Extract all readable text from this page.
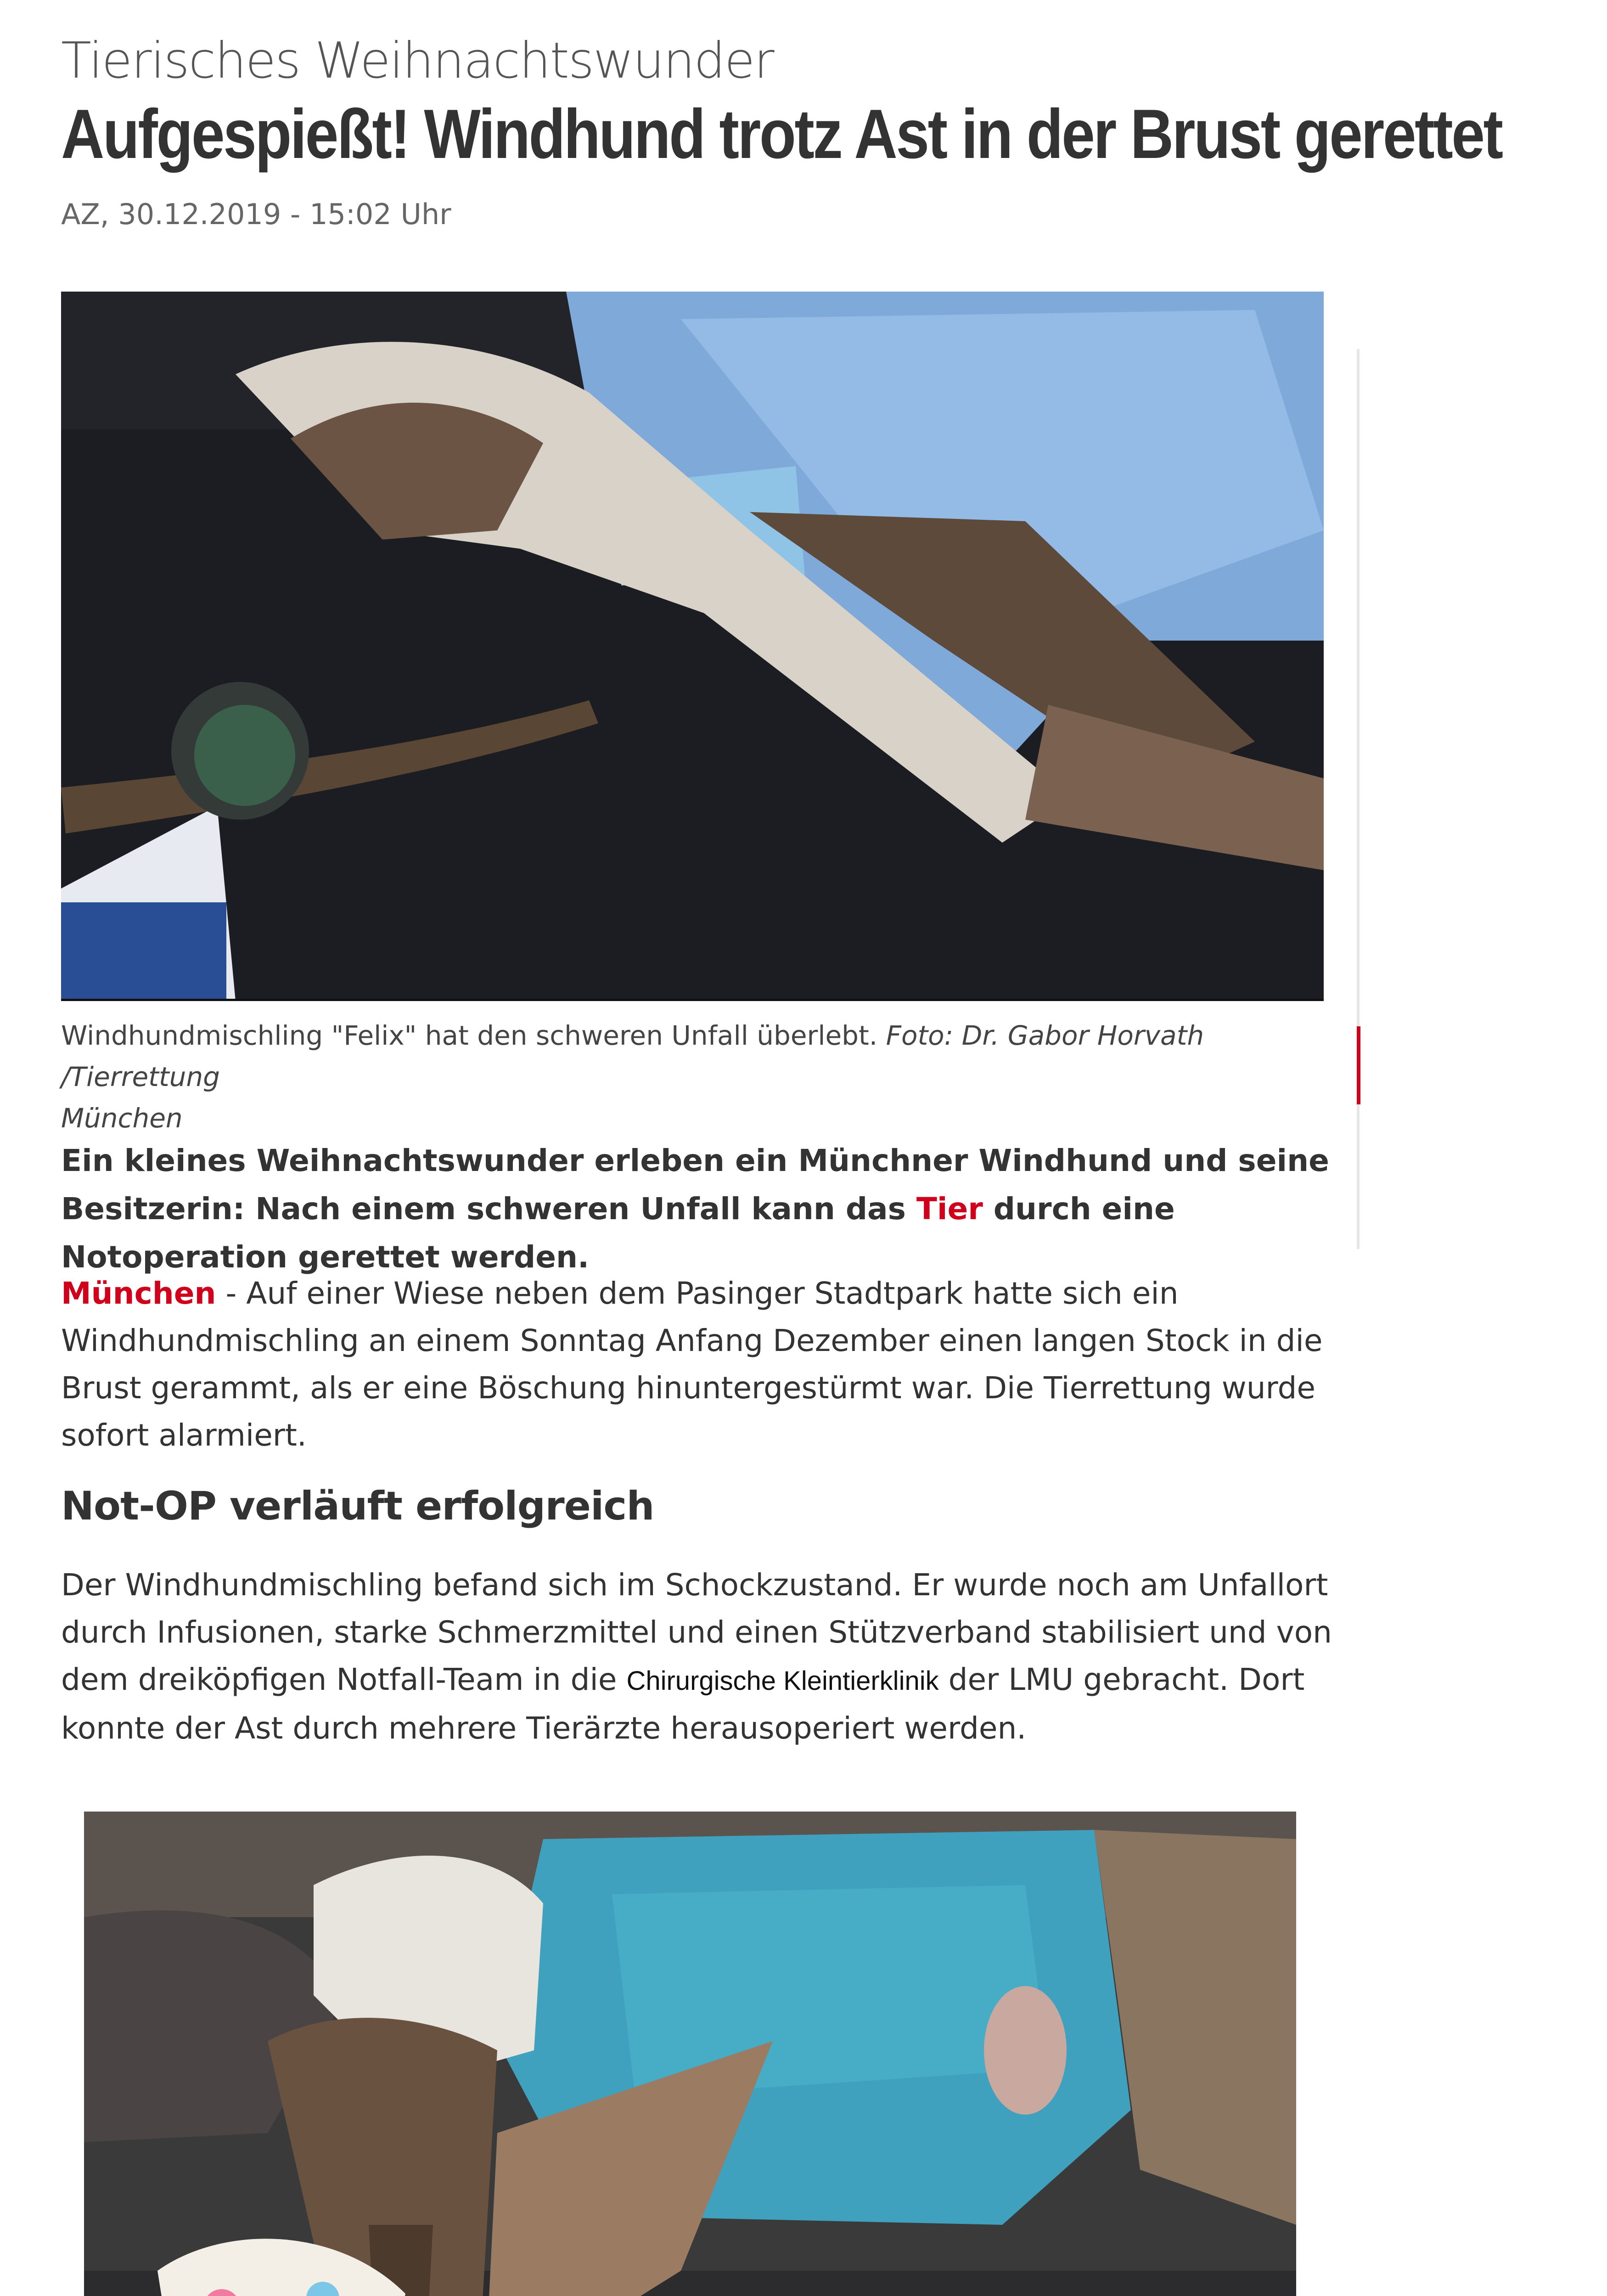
Tierisches Weihnachtswunder
Aufgespießt! Windhund trotz Ast in der Brust gerettet
AZ, 30.12.2019 - 15:02 Uhr
Windhundmischling "Felix" hat den schweren Unfall überlebt. Foto: Dr. Gabor Horvath /Tierrettung
München
Ein kleines Weihnachtswunder erleben ein Münchner Windhund und seine Besitzerin: Nach einem schweren Unfall kann das Tier durch eine Notoperation gerettet werden.
München - Auf einer Wiese neben dem Pasinger Stadtpark hatte sich ein Windhundmischling an einem Sonntag Anfang Dezember einen langen Stock in die Brust gerammt, als er eine Böschung hinuntergestürmt war. Die Tierrettung wurde sofort alarmiert.
Not-OP verläuft erfolgreich
Der Windhundmischling befand sich im Schockzustand. Er wurde noch am Unfallort durch Infusionen, starke Schmerzmittel und einen Stützverband stabilisiert und von dem dreiköpfigen Notfall-Team in die Chirurgische Kleintierklinik der LMU gebracht. Dort konnte der Ast durch mehrere Tierärzte herausoperiert werden.
